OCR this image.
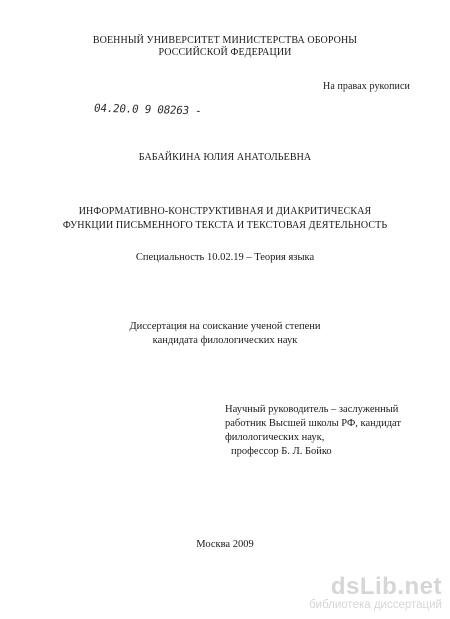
ВОЕННЫЙ УНИВЕРСИТЕТ МИНИСТЕРСТВА ОБОРОНЫ
РОССИЙСКОЙ ФЕДЕРАЦИИ
На правах рукописи
04.20.0 9 08263 -
БАБАЙКИНА ЮЛИЯ АНАТОЛЬЕВНА
ИНФОРМАТИВНО-КОНСТРУКТИВНАЯ И ДИАКРИТИЧЕСКАЯ
ФУНКЦИИ ПИСЬМЕННОГО ТЕКСТА И ТЕКСТОВАЯ ДЕЯТЕЛЬНОСТЬ
Специальность 10.02.19 – Теория языка
Диссертация на соискание ученой степени
кандидата филологических наук
Научный руководитель – заслуженный
работник Высшей школы РФ, кандидат
филологических наук,
профессор Б. Л. Бойко
Москва 2009
dsLib.net
библиотека диссертаций
